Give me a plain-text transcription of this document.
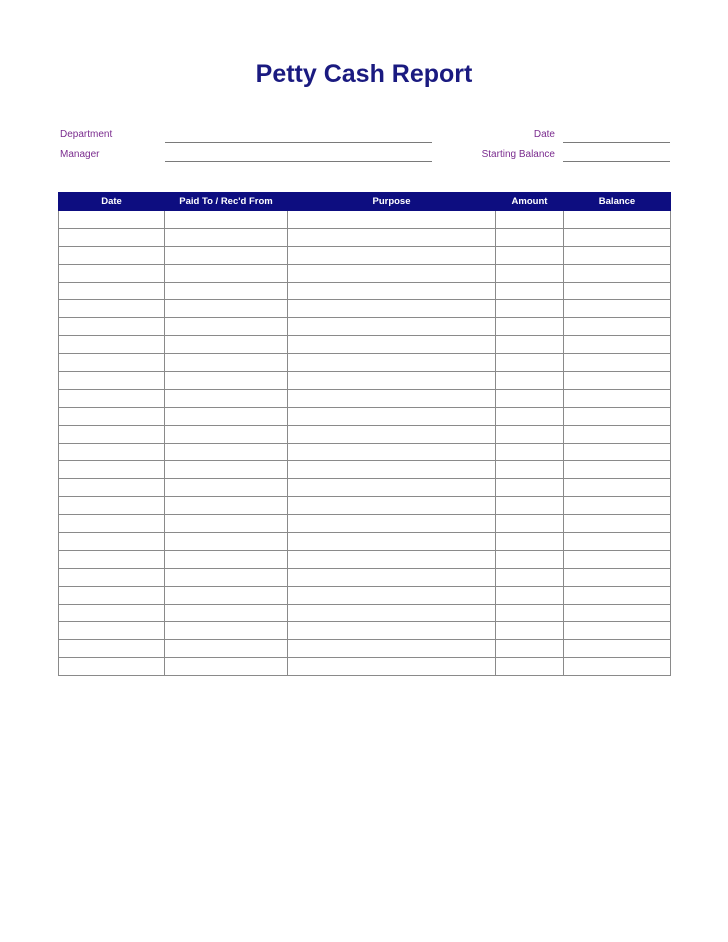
Petty Cash Report
Department
Manager
Date
Starting Balance
Date	Paid To / Rec'd From	Purpose	Amount	Balance
